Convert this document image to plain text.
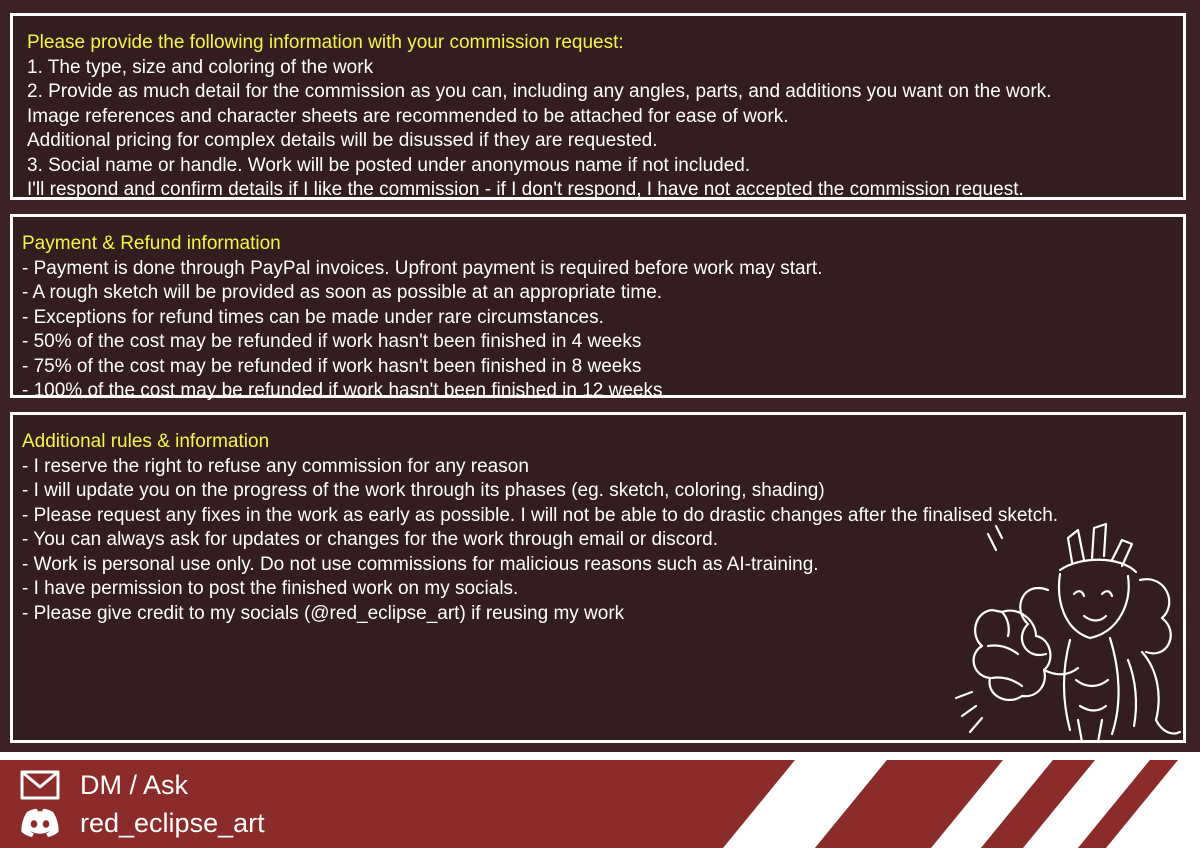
Please provide the following information with your commission request:
1. The type, size and coloring of the work
2. Provide as much detail for the commission as you can, including any angles, parts, and additions you want on the work.
Image references and character sheets are recommended to be attached for ease of work.
Additional pricing for complex details will be disussed if they are requested.
3. Social name or handle. Work will be posted under anonymous name if not included.
I'll respond and confirm details if I like the commission - if I don't respond, I have not accepted the commission request.
Payment & Refund information
- Payment is done through PayPal invoices. Upfront payment is required before work may start.
- A rough sketch will be provided as soon as possible at an appropriate time.
- Exceptions for refund times can be made under rare circumstances.
- 50% of the cost may be refunded if work hasn't been finished in 4 weeks
- 75% of the cost may be refunded if work hasn't been finished in 8 weeks
- 100% of the cost may be refunded if work hasn't been finished in 12 weeks
Additional rules & information
- I reserve the right to refuse any commission for any reason
- I will update you on the progress of the work through its phases (eg. sketch, coloring, shading)
- Please request any fixes in the work as early as possible. I will not be able to do drastic changes after the finalised sketch.
- You can always ask for updates or changes for the work through email or discord.
- Work is personal use only. Do not use commissions for malicious reasons such as AI-training.
- I have permission to post the finished work on my socials.
- Please give credit to my socials (@red_eclipse_art) if reusing my work
DM / Ask
red_eclipse_art
